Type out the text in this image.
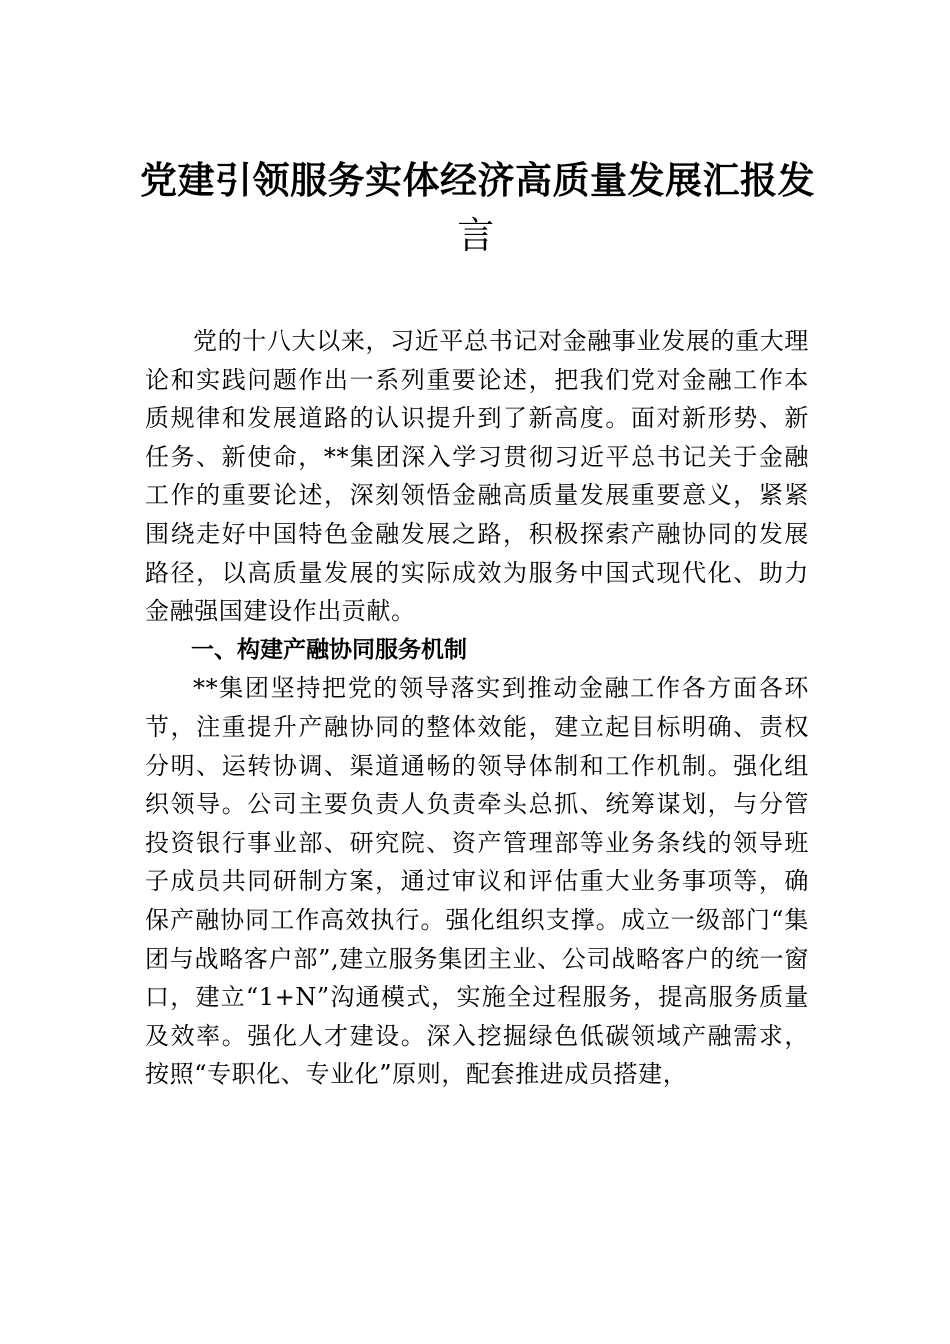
党建引领服务实体经济高质量发展汇报发
言

党的十八大以来，习近平总书记对金融事业发展的重大理论和实践问题作出一系列重要论述，把我们党对金融工作本质规律和发展道路的认识提升到了新高度。面对新形势、新任务、新使命，**集团深入学习贯彻习近平总书记关于金融工作的重要论述，深刻领悟金融高质量发展重要意义，紧紧围绕走好中国特色金融发展之路，积极探索产融协同的发展路径，以高质量发展的实际成效为服务中国式现代化、助力金融强国建设作出贡献。

一、构建产融协同服务机制

**集团坚持把党的领导落实到推动金融工作各方面各环节，注重提升产融协同的整体效能，建立起目标明确、责权分明、运转协调、渠道通畅的领导体制和工作机制。强化组织领导。公司主要负责人负责牵头总抓、统筹谋划，与分管投资银行事业部、研究院、资产管理部等业务条线的领导班子成员共同研制方案，通过审议和评估重大业务事项等，确保产融协同工作高效执行。强化组织支撑。成立一级部门“集团与战略客户部”,建立服务集团主业、公司战略客户的统一窗口，建立“1+N”沟通模式，实施全过程服务，提高服务质量及效率。强化人才建设。深入挖掘绿色低碳领域产融需求，按照“专职化、专业化”原则，配套推进成员搭建，
